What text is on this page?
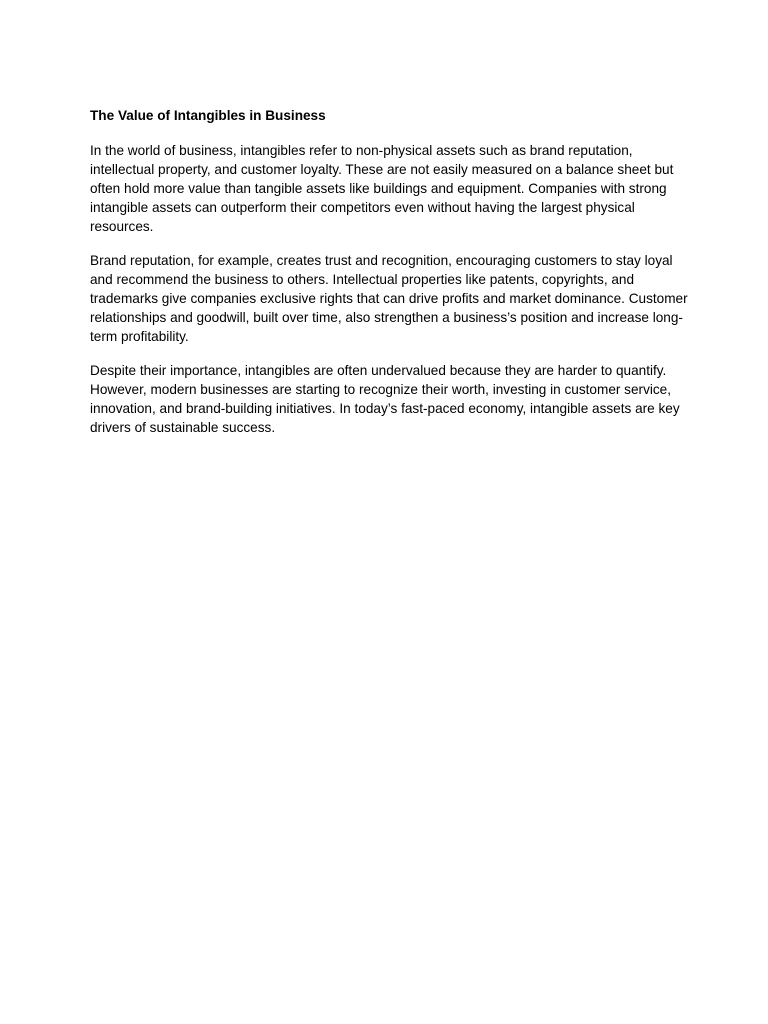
The Value of Intangibles in Business

In the world of business, intangibles refer to non-physical assets such as brand reputation, intellectual property, and customer loyalty. These are not easily measured on a balance sheet but often hold more value than tangible assets like buildings and equipment. Companies with strong intangible assets can outperform their competitors even without having the largest physical resources.

Brand reputation, for example, creates trust and recognition, encouraging customers to stay loyal and recommend the business to others. Intellectual properties like patents, copyrights, and trademarks give companies exclusive rights that can drive profits and market dominance. Customer relationships and goodwill, built over time, also strengthen a business’s position and increase long-term profitability.

Despite their importance, intangibles are often undervalued because they are harder to quantify. However, modern businesses are starting to recognize their worth, investing in customer service, innovation, and brand-building initiatives. In today’s fast-paced economy, intangible assets are key drivers of sustainable success.
